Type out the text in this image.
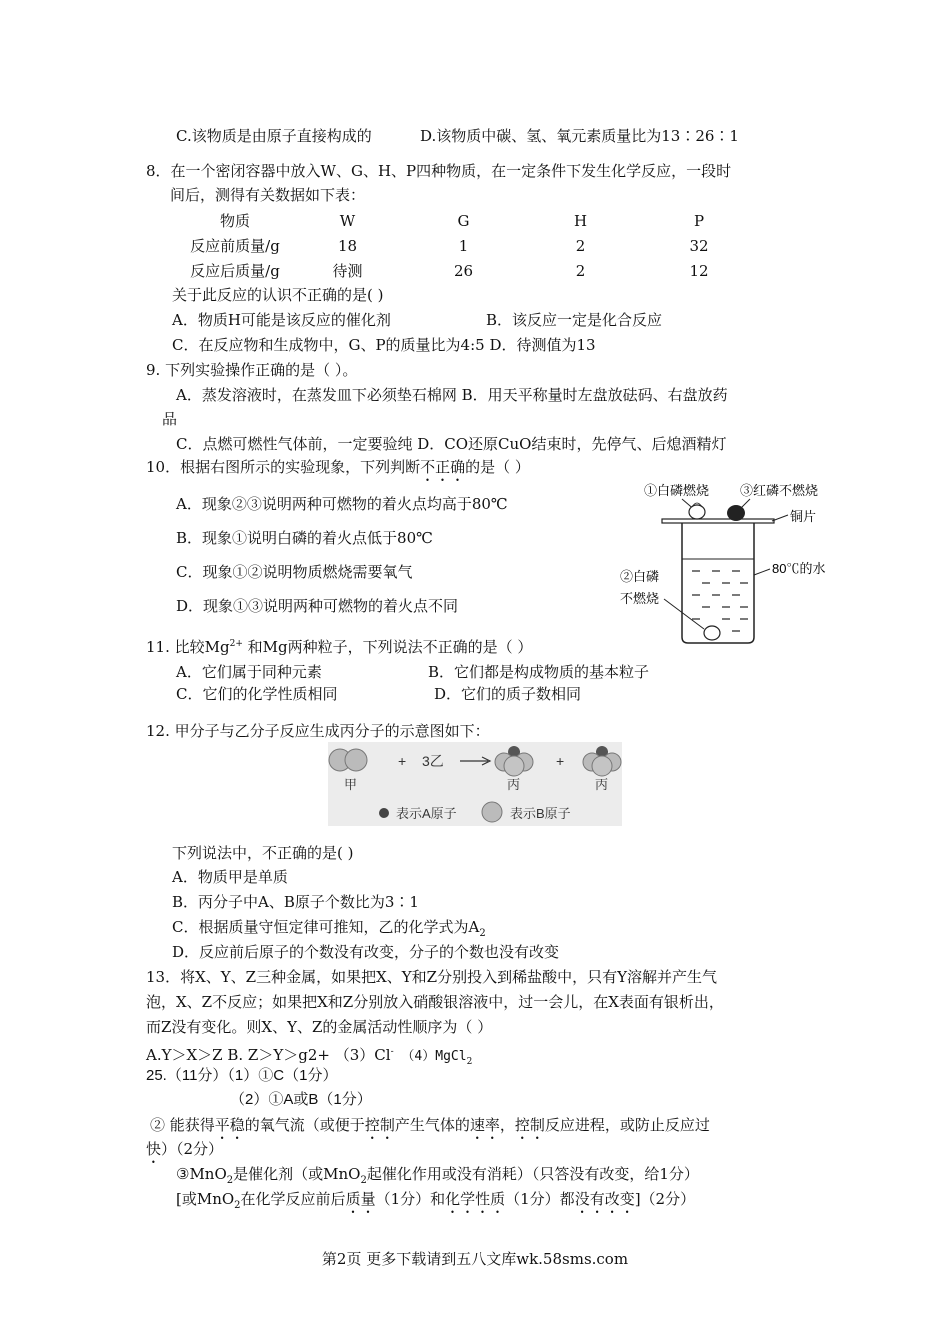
C.该物质是由原子直接构成的	D.该物质中碳、氢、氧元素质量比为13∶26∶1
8．在一个密闭容器中放入W、G、H、P四种物质，在一定条件下发生化学反应，一段时
间后，测得有关数据如下表：
物质	W	G	H	P
反应前质量/g	18	1	2	32
反应后质量/g	待测	26	2	12
关于此反应的认识不正确的是( )
A．物质H可能是该反应的催化剂	B．该反应一定是化合反应
C．在反应物和生成物中，G、P的质量比为4:5 D．待测值为13
9. 下列实验操作正确的是（ ）。
A．蒸发溶液时，在蒸发皿下必须垫石棉网 B．用天平称量时左盘放砝码、右盘放药
品
C．点燃可燃性气体前，一定要验纯 D．CO还原CuO结束时，先停气、后熄酒精灯
10．根据右图所示的实验现象，下列判断不正确的是（ ）
A．现象②③说明两种可燃物的着火点均高于80℃
B．现象①说明白磷的着火点低于80℃
C．现象①②说明物质燃烧需要氧气
D．现象①③说明两种可燃物的着火点不同
①白磷燃烧 ③红磷不燃烧
铜片
80℃的水
②白磷
不燃烧
11. 比较$Mg^{2+}$ 和Mg两种粒子，下列说法不正确的是（ ）
A．它们属于同种元素	B．它们都是构成物质的基本粒子
C．它们的化学性质相同	D．它们的质子数相同
12. 甲分子与乙分子反应生成丙分子的示意图如下：
甲
+ 3乙
丙
+
丙
表示A原子	表示B原子
下列说法中，不正确的是( )
A．物质甲是单质
B．丙分子中A、B原子个数比为3∶1
C．根据质量守恒定律可推知，乙的化学式为$A_2$
D．反应前后原子的个数没有改变，分子的个数也没有改变
13．将X、Y、Z三种金属，如果把X、Y和Z分别投入到稀盐酸中，只有Y溶解并产生气
泡，X、Z不反应；如果把X和Z分别放入硝酸银溶液中，过一会儿，在X表面有银析出，
而Z没有变化。则X、Y、Z的金属活动性顺序为（ ）
A.Y＞X＞Z B. Z＞Y＞g2+ （3）Cl- （4）MgCl$_2$
25.（11分）（1）①C（1分）
（2）①A或B（1分）
② 能获得平稳的氧气流（或便于控制产生气体的速率，控制反应进程，或防止反应过
快）（2分）
③MnO$_2$是催化剂（或MnO$_2$起催化作用或没有消耗）（只答没有改变，给1分）
[或MnO$_2$在化学反应前后质量（1分）和化学性质（1分）都没有改变]（2分）
第2页 更多下载请到五八文库wk.58sms.com
